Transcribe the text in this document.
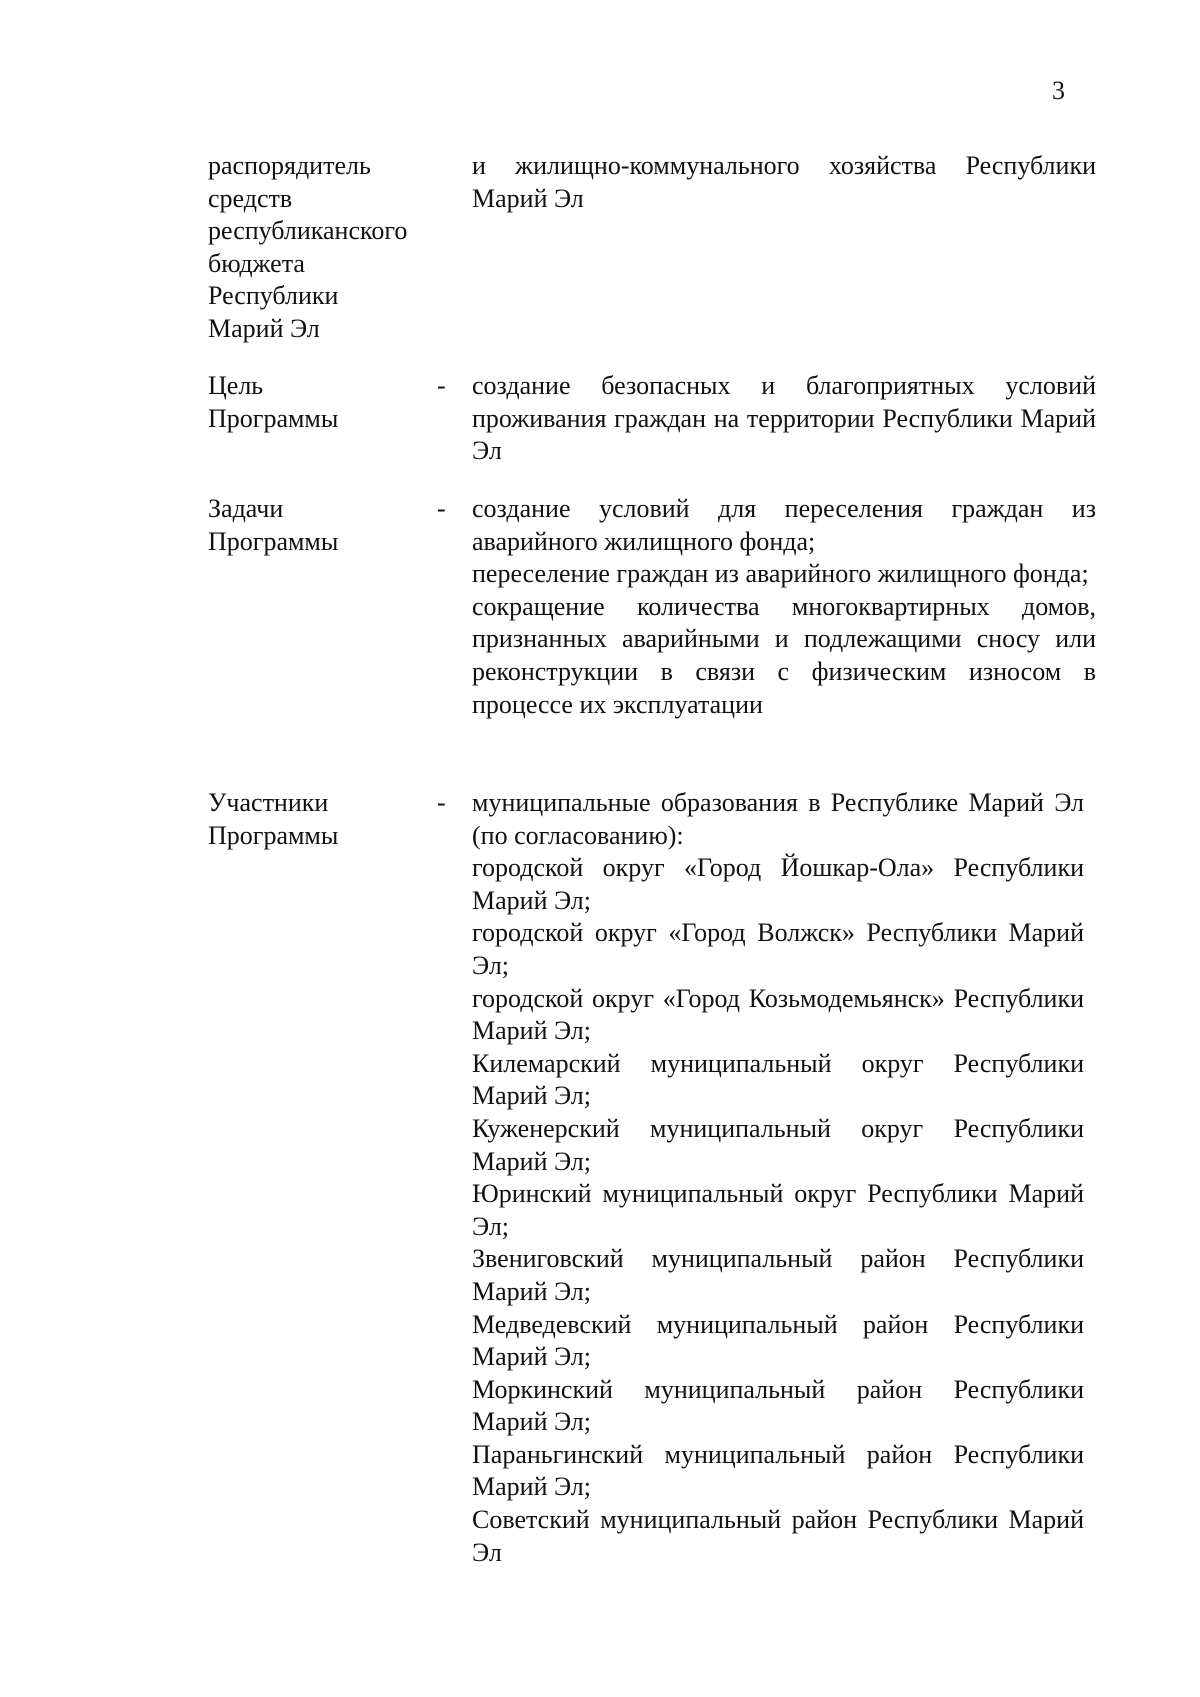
3
распорядитель
средств
республиканского
бюджета
Республики
Марий Эл

и жилищно-коммунального хозяйства Республики Марий Эл

Цель
Программы
- создание безопасных и благоприятных условий проживания граждан на территории Республики Марий Эл

Задачи
Программы
- создание условий для переселения граждан из аварийного жилищного фонда;

переселение граждан из аварийного жилищного фонда;

сокращение количества многоквартирных домов, признанных аварийными и подлежащими сносу или реконструкции в связи с физическим износом в процессе их эксплуатации

Участники
Программы
- муниципальные образования в Республике Марий Эл (по согласованию):

городской округ «Город Йошкар-Ола» Республики Марий Эл;

городской округ «Город Волжск» Республики Марий Эл;

городской округ «Город Козьмодемьянск» Республики Марий Эл;

Килемарский муниципальный округ Республики Марий Эл;

Куженерский муниципальный округ Республики Марий Эл;

Юринский муниципальный округ Республики Марий Эл;

Звениговский муниципальный район Республики Марий Эл;

Медведевский муниципальный район Республики Марий Эл;

Моркинский муниципальный район Республики Марий Эл;

Параньгинский муниципальный район Республики Марий Эл;

Советский муниципальный район Республики Марий Эл
